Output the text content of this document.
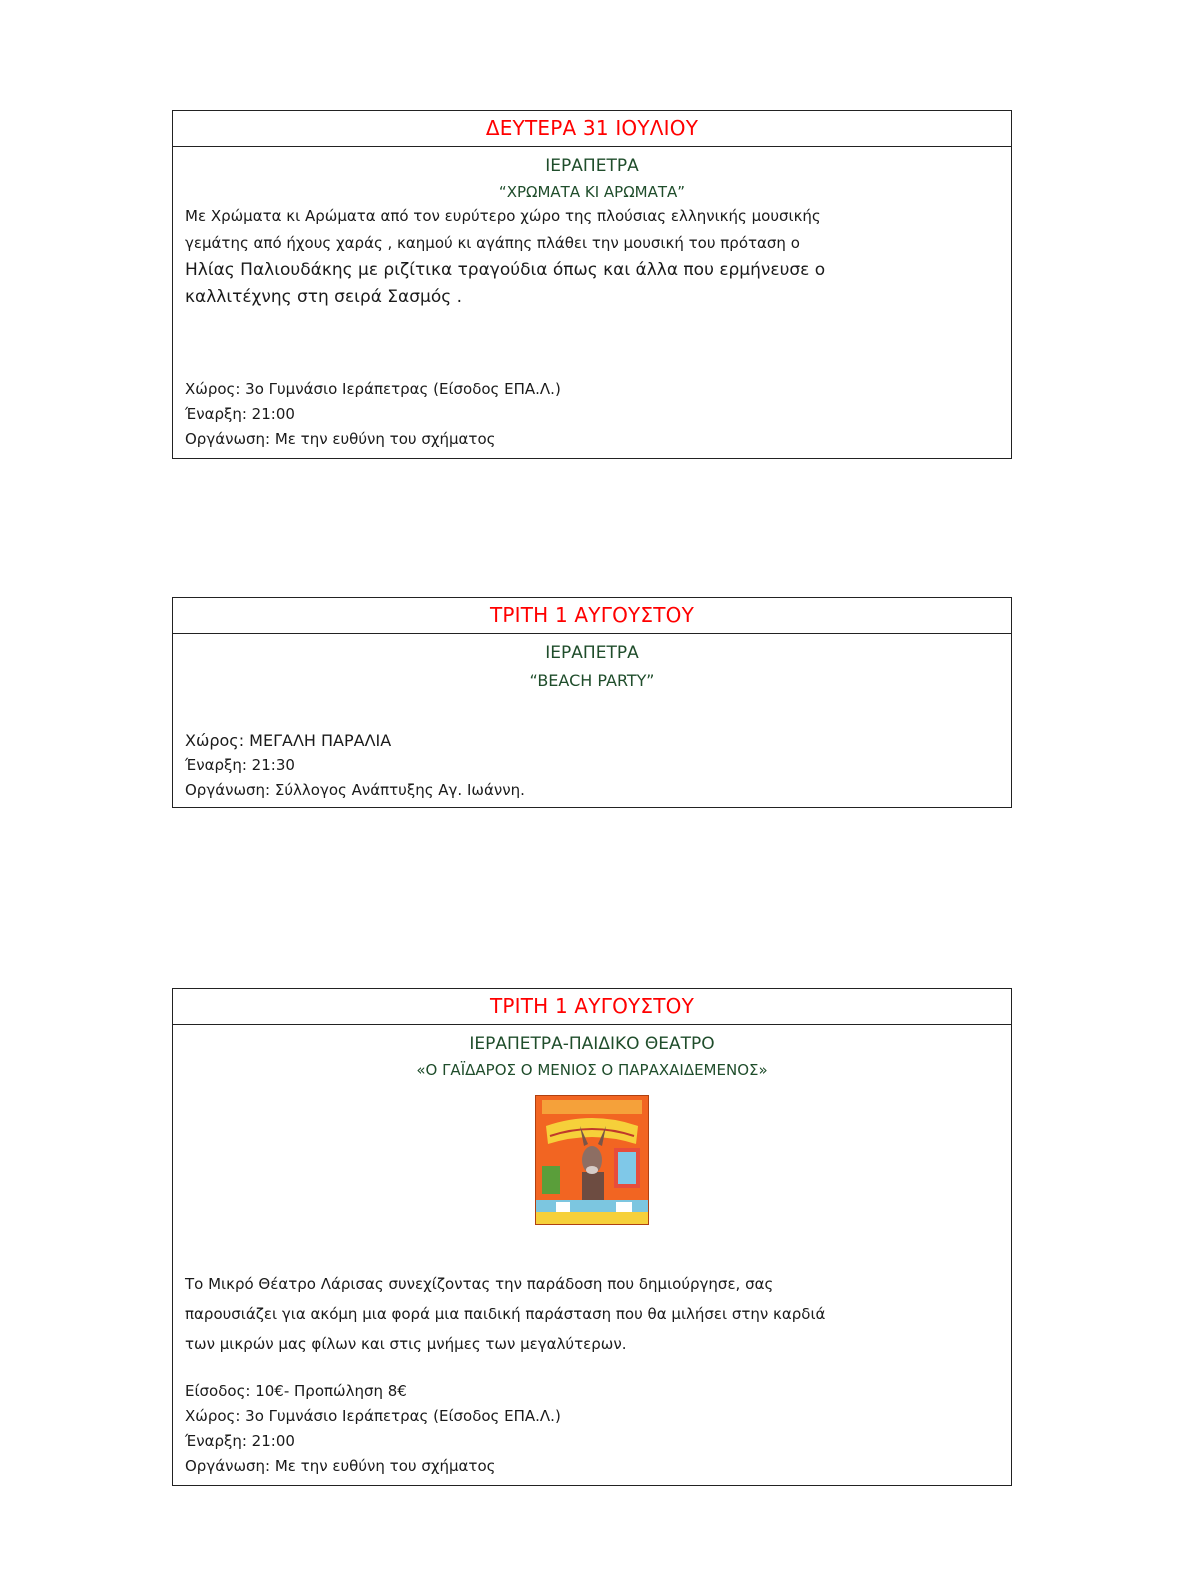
ΔΕΥΤΕΡΑ 31 ΙΟΥΛΙΟΥ
ΙΕΡΑΠΕΤΡΑ
“ΧΡΩΜΑΤΑ ΚΙ ΑΡΩΜΑΤΑ”
Με Χρώματα κι Αρώματα από τον ευρύτερο χώρο της πλούσιας ελληνικής μουσικής
γεμάτης από ήχους χαράς , καημού κι αγάπης πλάθει την μουσική του πρόταση ο
Ηλίας Παλιουδάκης με ριζίτικα τραγούδια όπως και άλλα που ερμήνευσε ο
καλλιτέχνης στη σειρά Σασμός .
Χώρος: 3ο Γυμνάσιο Ιεράπετρας (Είσοδος ΕΠΑ.Λ.)
Έναρξη: 21:00
Οργάνωση: Με την ευθύνη του σχήματος
ΤΡΙΤΗ 1 ΑΥΓΟΥΣΤΟΥ
ΙΕΡΑΠΕΤΡΑ
“BEACH PARTY”
Χώρος: ΜΕΓΑΛΗ ΠΑΡΑΛΙΑ
Έναρξη: 21:30
Οργάνωση: Σύλλογος Ανάπτυξης Αγ. Ιωάννη.
ΤΡΙΤΗ 1 ΑΥΓΟΥΣΤΟΥ
ΙΕΡΑΠΕΤΡΑ-ΠΑΙΔΙΚΟ ΘΕΑΤΡΟ
«Ο ΓΑΪΔΑΡΟΣ Ο ΜΕΝΙΟΣ Ο ΠΑΡΑΧΑΙΔΕΜΕΝΟΣ»
Το Μικρό Θέατρο Λάρισας συνεχίζοντας την παράδοση που δημιούργησε, σας
παρουσιάζει για ακόμη μια φορά μια παιδική παράσταση που θα μιλήσει στην καρδιά
των μικρών μας φίλων και στις μνήμες των μεγαλύτερων.
Είσοδος: 10€- Προπώληση 8€
Χώρος: 3ο Γυμνάσιο Ιεράπετρας (Είσοδος ΕΠΑ.Λ.)
Έναρξη: 21:00
Οργάνωση: Με την ευθύνη του σχήματος
